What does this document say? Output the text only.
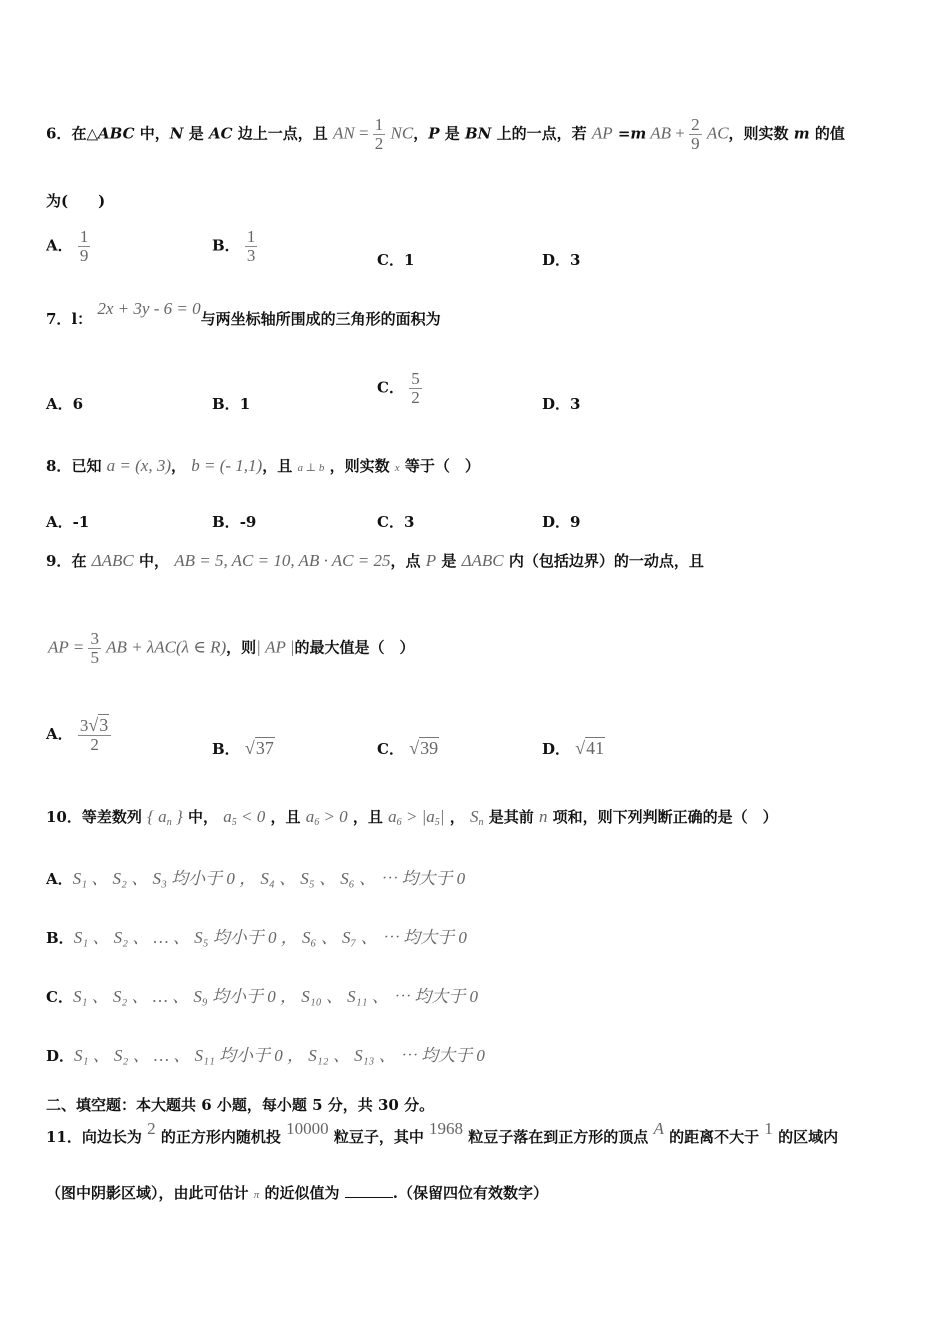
6．在△ABC 中，N 是 AC 边上一点，且 AN = $\frac{1}{2}$ NC，P 是 BN 上的一点，若 AP =m AB + $\frac{2}{9}$ AC，则实数 m 的值
为(　　)
A． $\frac{1}{9}$	B． $\frac{1}{3}$	C．1	D．3
7．l： 2x + 3y - 6 = 0与两坐标轴所围成的三角形的面积为
A．6	B．1
C． $\frac{5}{2}$	D．3
8．已知 a = (x, 3)， b = (- 1,1)，且 a ⊥ b ，则实数 x 等于（　）
A．-1	B．-9	C．3	D．9
9．在 ΔABC 中， AB = 5, AC = 10, AB · AC = 25，点 P 是 ΔABC 内（包括边界）的一动点，且
AP = $\frac{3}{5}$ AB + λAC(λ ∈ R)，则| AP |的最大值是（　）
A． $\frac{3√3}{2}$	B． √37	C． √39	D． √41
10．等差数列 { $a_n$ } 中， $a_5 < 0$ ，且 $a_6 > 0$ ，且 $a_6 > |a_5|$ ， $S_n$ 是其前 n 项和，则下列判断正确的是（　）
A．S₁ 、 S₂ 、 S₃ 均小于 0 ， S₄ 、 S₅ 、 S₆ 、 ⋯ 均大于 0
B．S₁ 、 S₂ 、 … 、 S₅ 均小于 0 ， S₆ 、 S₇ 、 ⋯ 均大于 0
C．S₁ 、 S₂ 、 … 、 S₉ 均小于 0 ， S₁₀ 、 S₁₁ 、 ⋯ 均大于 0
D．S₁ 、 S₂ 、 … 、 S₁₁ 均小于 0 ， S₁₂ 、 S₁₃ 、 ⋯ 均大于 0
二、填空题：本大题共 6 小题，每小题 5 分，共 30 分。
11．向边长为 2 的正方形内随机投 10000 粒豆子，其中 1968 粒豆子落在到正方形的顶点 A 的距离不大于 1 的区域内
（图中阴影区域），由此可估计 π 的近似值为	.（保留四位有效数字）
